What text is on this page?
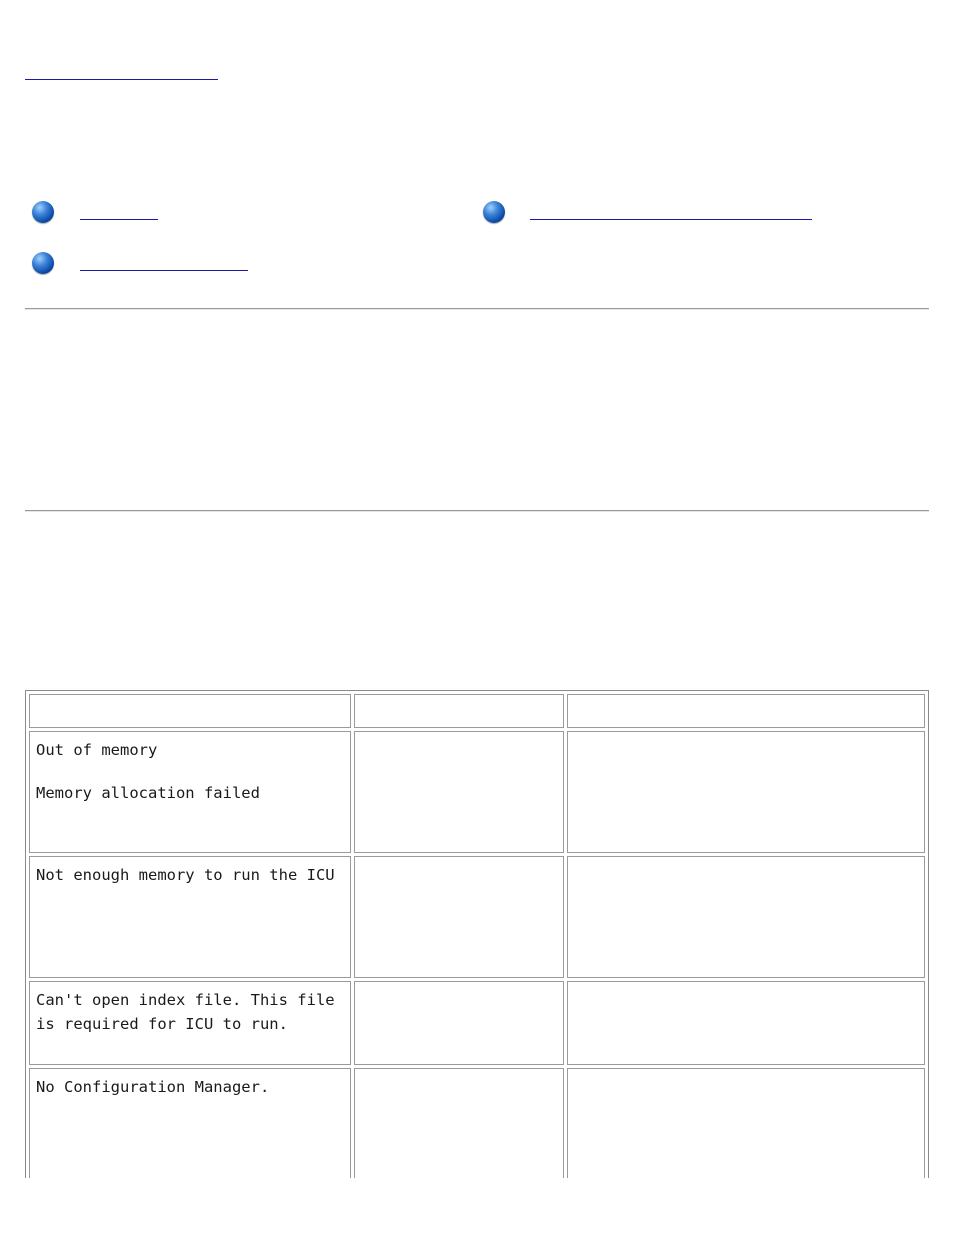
Out of memory

Memory allocation failed		

Not enough memory to run the ICU		

Can't open index file. This file is required for ICU to run.		

No Configuration Manager.		
